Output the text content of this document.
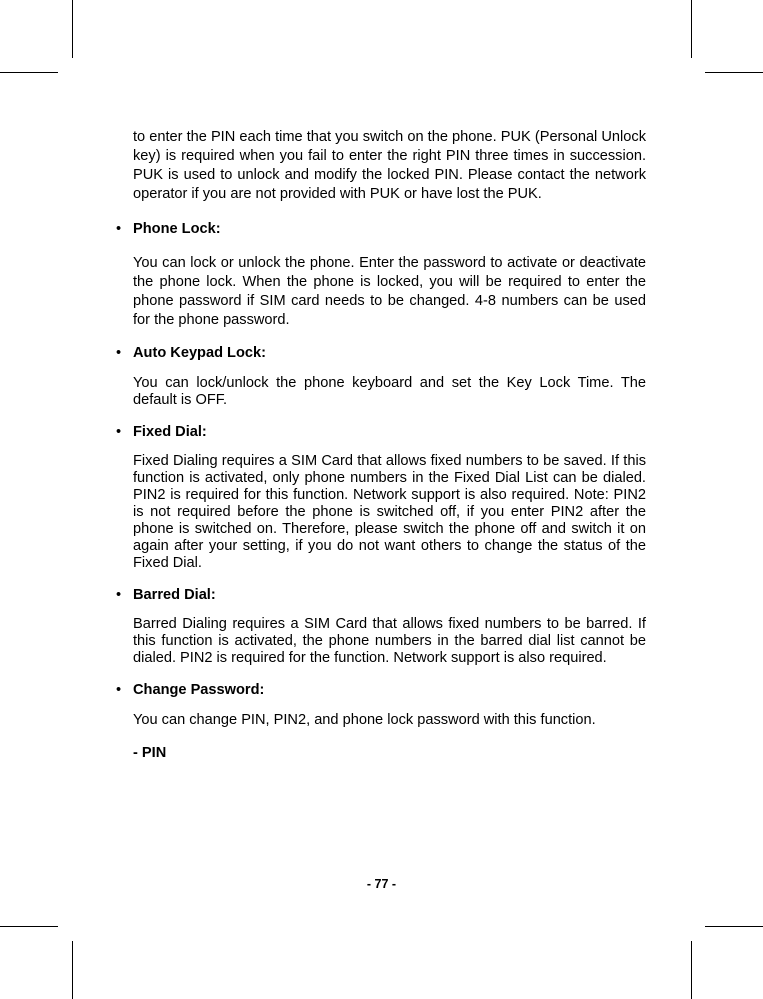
to enter the PIN each time that you switch on the phone. PUK (Personal Unlock key) is required when you fail to enter the right PIN three times in succession. PUK is used to unlock and modify the locked PIN. Please contact the network operator if you are not provided with PUK or have lost the PUK.

• Phone Lock:

You can lock or unlock the phone. Enter the password to activate or deactivate the phone lock. When the phone is locked, you will be required to enter the phone password if SIM card needs to be changed. 4-8 numbers can be used for the phone password.

• Auto Keypad Lock:

You can lock/unlock the phone keyboard and set the Key Lock Time. The default is OFF.

• Fixed Dial:

Fixed Dialing requires a SIM Card that allows fixed numbers to be saved. If this function is activated, only phone numbers in the Fixed Dial List can be dialed. PIN2 is required for this function. Network support is also required. Note: PIN2 is not required before the phone is switched off, if you enter PIN2 after the phone is switched on. Therefore, please switch the phone off and switch it on again after your setting, if you do not want others to change the status of the Fixed Dial.

• Barred Dial:

Barred Dialing requires a SIM Card that allows fixed numbers to be barred. If this function is activated, the phone numbers in the barred dial list cannot be dialed. PIN2 is required for the function. Network support is also required.

• Change Password:

You can change PIN, PIN2, and phone lock password with this function.

- PIN
- 77 -
